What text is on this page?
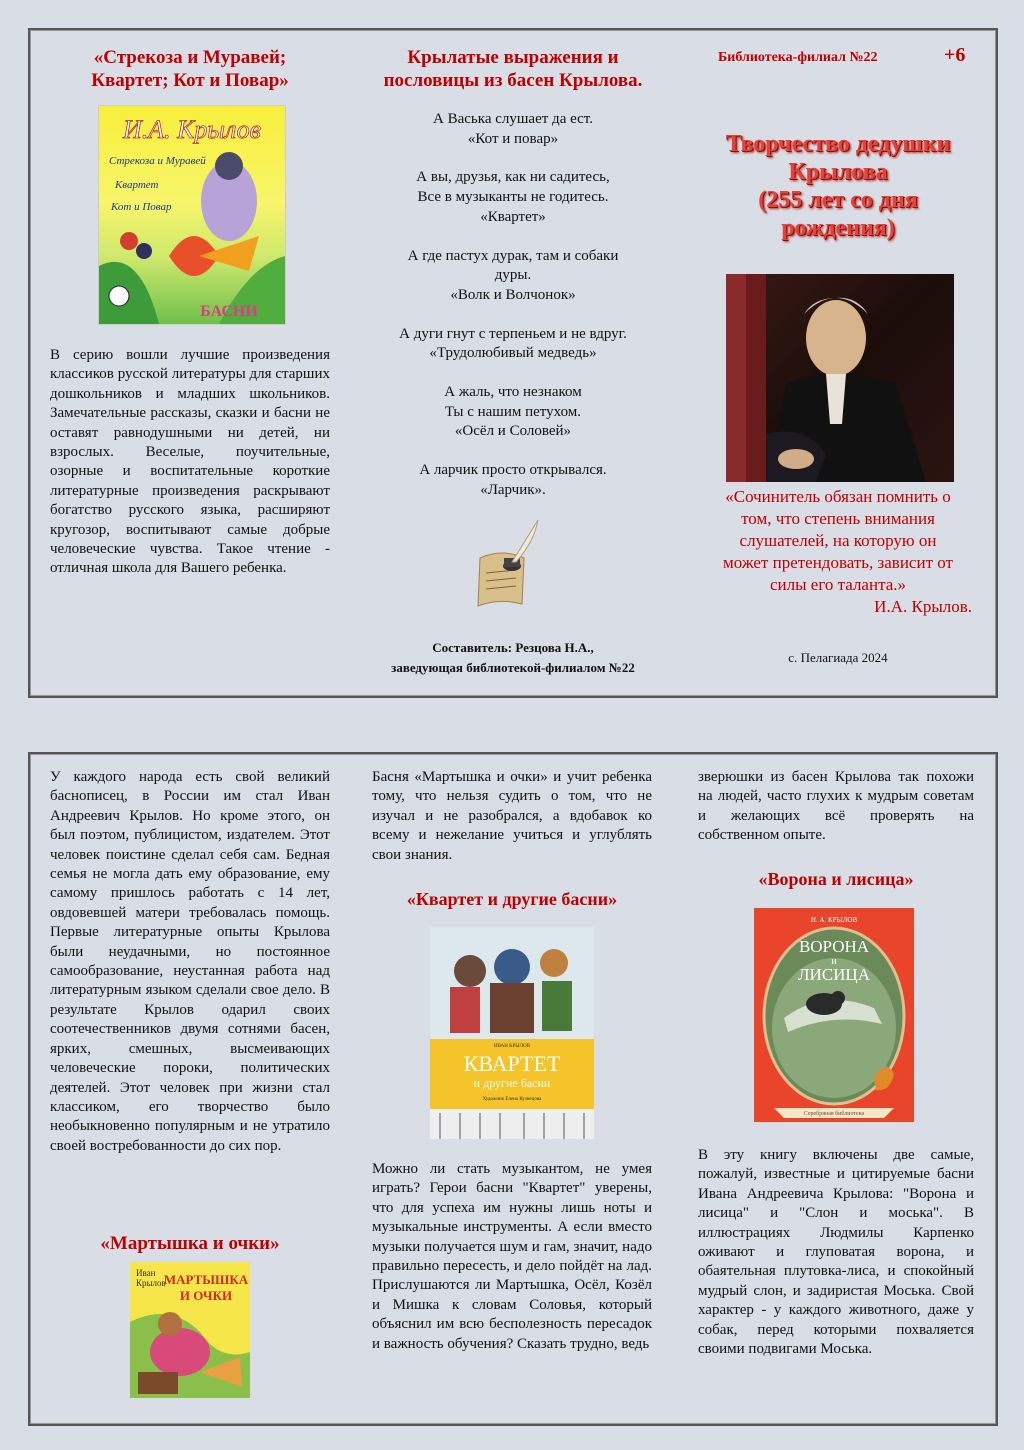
«Стрекоза и Муравей;
Квартет; Кот и Повар»
И.А. Крылов
Стрекоза и Муравей
Квартет
Кот и Повар
БАСНИ
В серию вошли лучшие произведения классиков русской литературы для старших дошкольников и младших школьников. Замечательные рассказы, сказки и басни не оставят равнодушными ни детей, ни взрослых. Веселые, поучительные, озорные и воспитательные короткие литературные произведения раскрывают богатство русского языка, расширяют кругозор, воспитывают самые добрые человеческие чувства. Такое чтение - отличная школа для Вашего ребенка.
Крылатые выражения и
пословицы из басен Крылова.
А Васька слушает да ест.
«Кот и повар»
А вы, друзья, как ни садитесь,
Все в музыканты не годитесь.
«Квартет»
А где пастух дурак, там и собаки
дуры.
«Волк и Волчонок»
А дуги гнут с терпеньем и не вдруг.
«Трудолюбивый медведь»
А жаль, что незнаком
Ты с нашим петухом.
«Осёл и Соловей»
А ларчик просто открывался.
«Ларчик».
Составитель: Резцова Н.А.,
заведующая библиотекой-филиалом №22
Библиотека-филиал №22	+6
Творчество дедушки
Крылова
(255 лет со дня
рождения)
«Сочинитель обязан помнить о
том, что степень внимания
слушателей, на которую он
может претендовать, зависит от
силы его таланта.»
И.А. Крылов.
с. Пелагиада 2024
У каждого народа есть свой великий баснописец, в России им стал Иван Андреевич Крылов. Но кроме этого, он был поэтом, публицистом, издателем. Этот человек поистине сделал себя сам. Бедная семья не могла дать ему образование, ему самому пришлось работать с 14 лет, овдовевшей матери требовалась помощь. Первые литературные опыты Крылова были неудачными, но постоянное самообразование, неустанная работа над литературным языком сделали свое дело. В результате Крылов одарил своих соотечественников двумя сотнями басен, ярких, смешных, высмеивающих человеческие пороки, политических деятелей. Этот человек при жизни стал классиком, его творчество было необыкновенно популярным и не утратило своей востребованности до сих пор.
«Мартышка и очки»
Иван
Крылов
МАРТЫШКА
И ОЧКИ
Басня «Мартышка и очки» и учит ребенка тому, что нельзя судить о том, что не изучал и не разобрался, а вдобавок ко всему и нежелание учиться и углублять свои знания.
«Квартет и другие басни»
ИВАН КРЫЛОВ
КВАРТЕТ
и другие басни
Художник Елена Кузнецова
Можно ли стать музыкантом, не умея играть? Герои басни "Квартет" уверены, что для успеха им нужны лишь ноты и музыкальные инструменты. А если вместо музыки получается шум и гам, значит, надо правильно пересесть, и дело пойдёт на лад. Прислушаются ли Мартышка, Осёл, Козёл и Мишка к словам Соловья, который объяснил им всю бесполезность пересадок и важность обучения? Сказать трудно, ведь
зверюшки из басен Крылова так похожи на людей, часто глухих к мудрым советам и желающих всё проверять на собственном опыте.
«Ворона и лисица»
И. А. КРЫЛОВ
ВОРОНА
и
ЛИСИЦА
Серебряная библиотека
В эту книгу включены две самые, пожалуй, известные и цитируемые басни Ивана Андреевича Крылова: "Ворона и лисица" и "Слон и моська". В иллюстрациях Людмилы Карпенко оживают и глуповатая ворона, и обаятельная плутовка-лиса, и спокойный мудрый слон, и задиристая Моська. Свой характер - у каждого животного, даже у собак, перед которыми похваляется своими подвигами Моська.
